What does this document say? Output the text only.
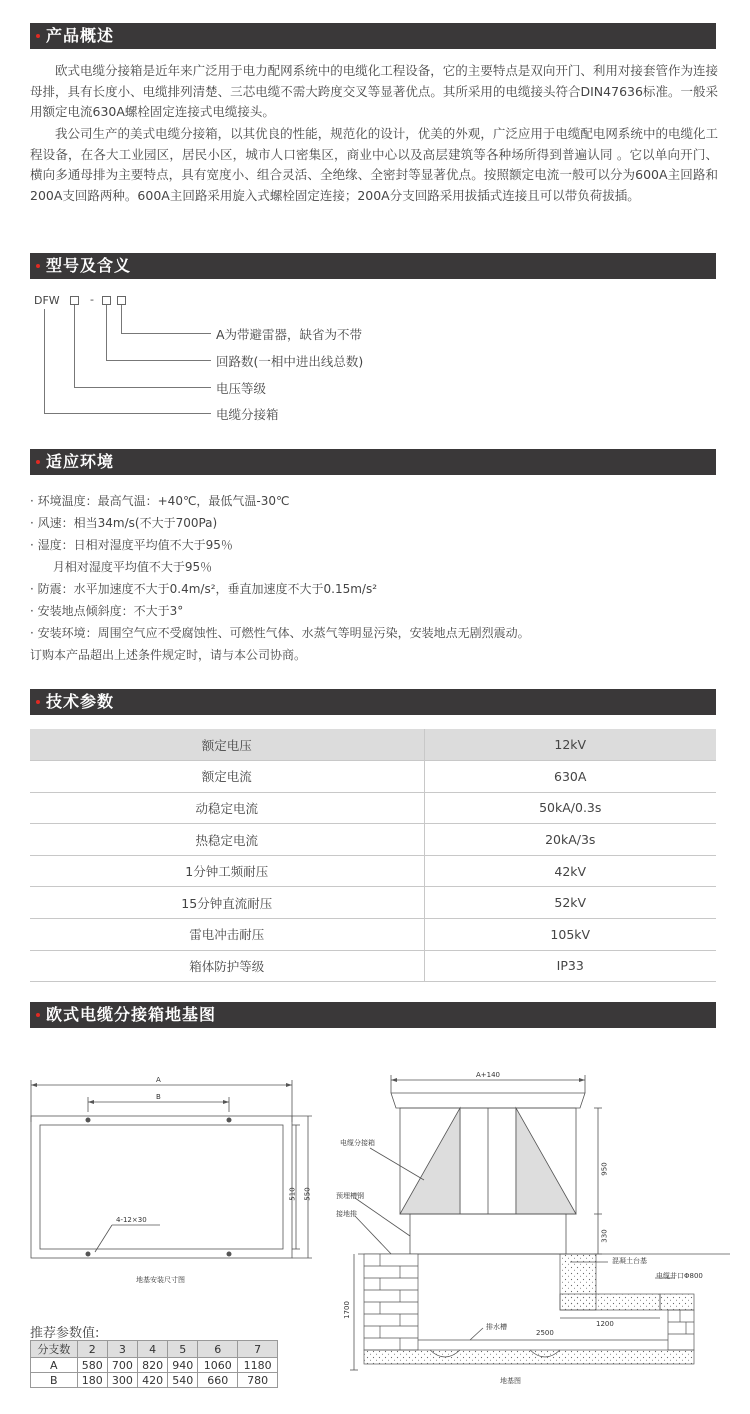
产品概述

欧式电缆分接箱是近年来广泛用于电力配网系统中的电缆化工程设备，它的主要特点是双向开门、利用对接套管作为连接母排，具有长度小、电缆排列清楚、三芯电缆不需大跨度交叉等显著优点。其所采用的电缆接头符合DIN47636标准。一般采用额定电流630A螺栓固定连接式电缆接头。

我公司生产的美式电缆分接箱，以其优良的性能，规范化的设计，优美的外观，广泛应用于电缆配电网系统中的电缆化工程设备，在各大工业园区，居民小区，城市人口密集区，商业中心以及高层建筑等各种场所得到普遍认同 。它以单向开门、横向多通母排为主要特点，具有宽度小、组合灵活、全绝缘、全密封等显著优点。按照额定电流一般可以分为600A主回路和200A支回路两种。600A主回路采用旋入式螺栓固定连接；200A分支回路采用拔插式连接且可以带负荷拔插。

型号及含义
DFW	-
A为带避雷器，缺省为不带
回路数(一相中进出线总数)
电压等级
电缆分接箱
适应环境
· 环境温度：最高气温：+40℃，最低气温-30℃
· 风速：相当34m/s(不大于700Pa)
· 湿度：日相对湿度平均值不大于95％
月相对湿度平均值不大于95％
· 防震：水平加速度不大于0.4m/s²，垂直加速度不大于0.15m/s²
· 安装地点倾斜度：不大于3°
· 安装环境：周围空气应不受腐蚀性、可燃性气体、水蒸气等明显污染，安装地点无剧烈震动。
订购本产品超出上述条件规定时，请与本公司协商。
技术参数
额定电压	12kV
额定电流	630A
动稳定电流	50kA/0.3s
热稳定电流	20kA/3s
1分钟工频耐压	42kV
15分钟直流耐压	52kV
雷电冲击耐压	105kV
箱体防护等级	IP33
欧式电缆分接箱地基图
A
B
510 550
4-12×30
地基安装尺寸图
A+140
950
330
1700
1200
2500
电缆分接箱
预埋槽钢
接地排
混凝土台基
电缆井口Φ800
排水槽
地基图
推荐参数值:
分支数	2	3	4	5	6	7
A	580	700	820	940	1060	1180
B	180	300	420	540	660	780
